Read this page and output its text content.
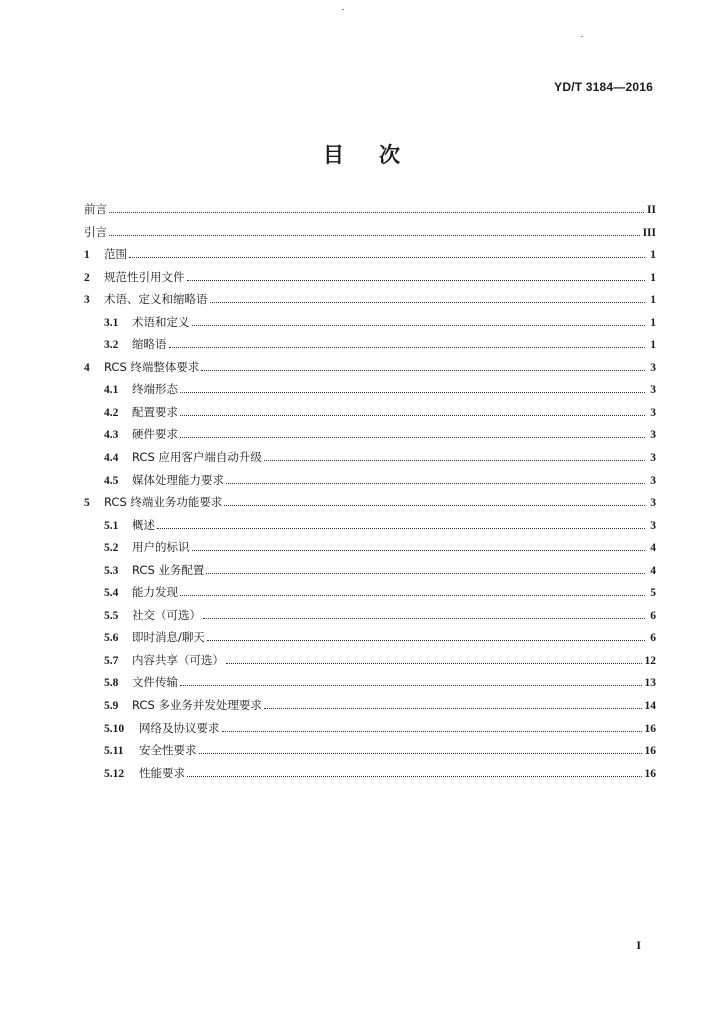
YD/T 3184—2016
目 次
前言	II
引言	III
1	范围	1
2	规范性引用文件	1
3	术语、定义和缩略语	1
3.1	术语和定义	1
3.2	缩略语	1
4	RCS 终端整体要求	3
4.1	终端形态	3
4.2	配置要求	3
4.3	硬件要求	3
4.4	RCS 应用客户端自动升级	3
4.5	媒体处理能力要求	3
5	RCS 终端业务功能要求	3
5.1	概述	3
5.2	用户的标识	4
5.3	RCS 业务配置	4
5.4	能力发现	5
5.5	社交（可选）	6
5.6	即时消息/聊天	6
5.7	内容共享（可选）	12
5.8	文件传输	13
5.9	RCS 多业务并发处理要求	14
5.10	网络及协议要求	16
5.11	安全性要求	16
5.12	性能要求	16
I
